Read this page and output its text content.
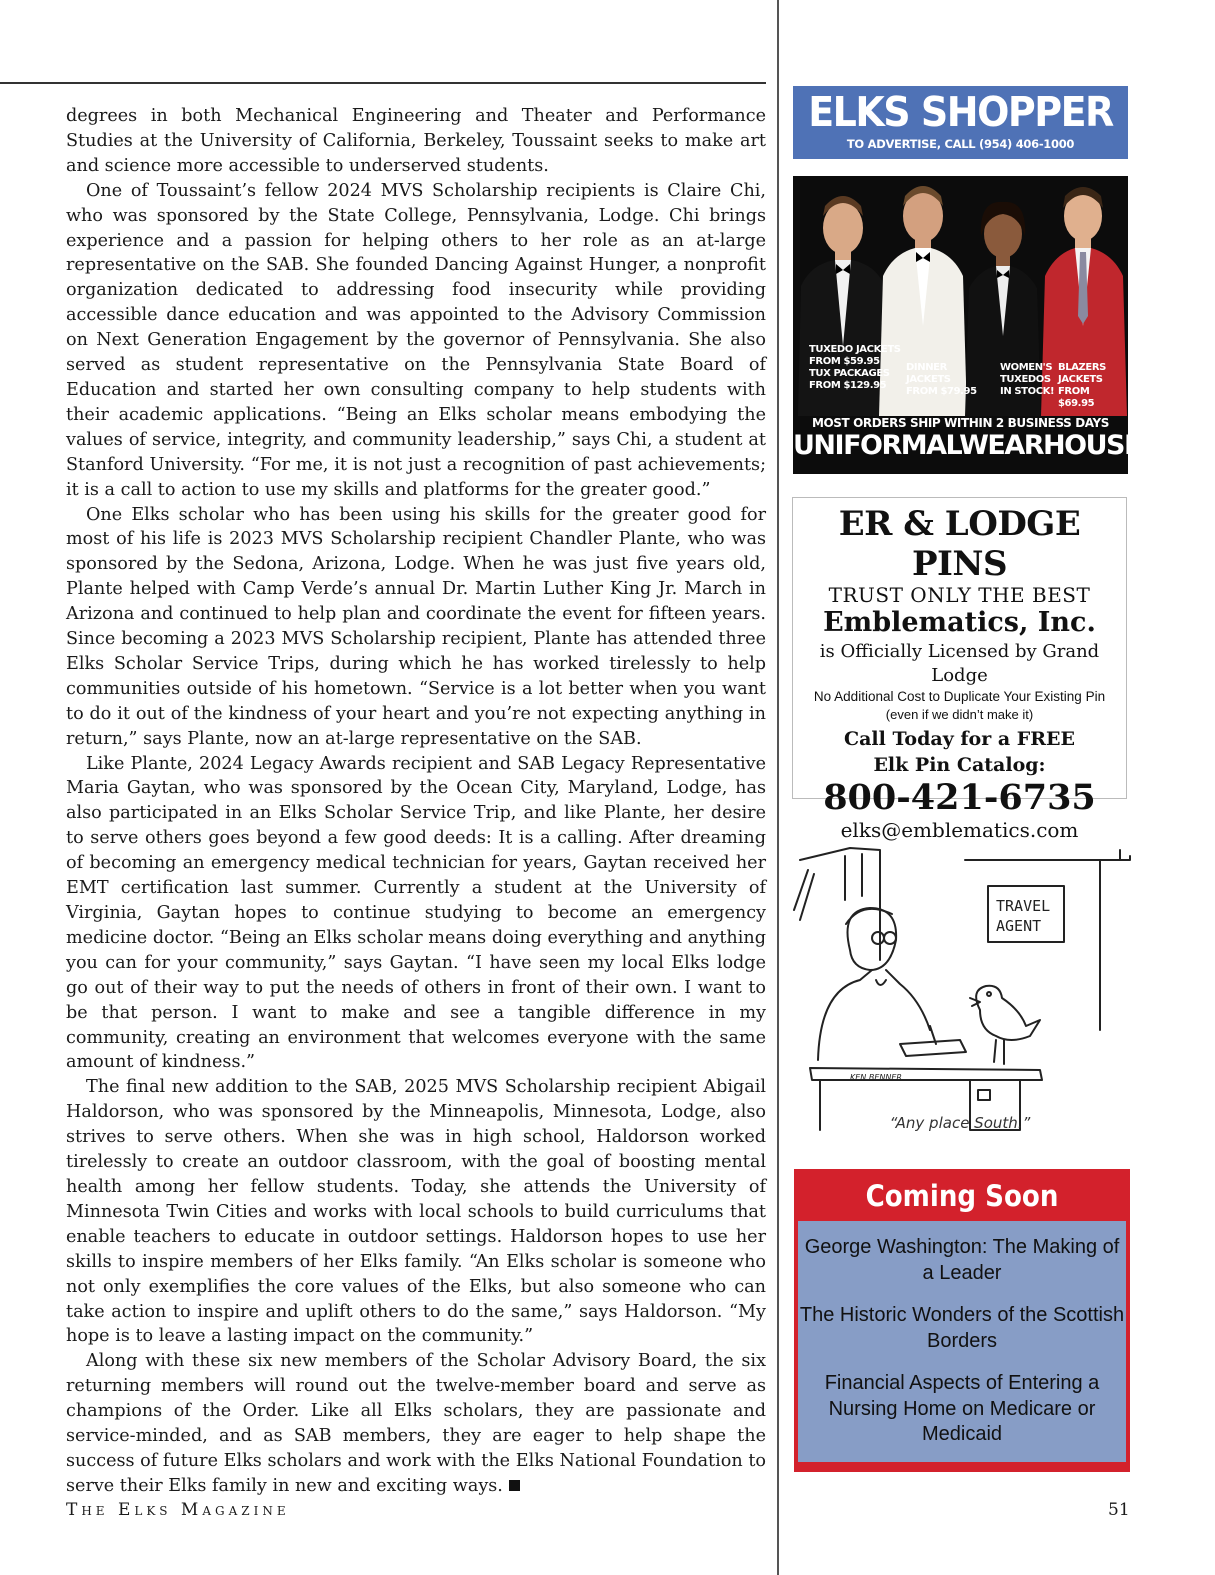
degrees in both Mechanical Engineering and Theater and Performance Studies at the University of California, Berkeley, Toussaint seeks to make art and science more accessible to underserved students.

One of Toussaint’s fellow 2024 MVS Scholarship recipients is Claire Chi, who was sponsored by the State College, Pennsylvania, Lodge. Chi brings experience and a passion for helping others to her role as an at-large representative on the SAB. She founded Dancing Against Hunger, a nonprofit organization dedicated to addressing food insecurity while providing accessible dance education and was appointed to the Advisory Commission on Next Generation Engagement by the governor of Pennsylvania. She also served as student representative on the Pennsylvania State Board of Education and started her own consulting company to help students with their academic applications. “Being an Elks scholar means embodying the values of service, integrity, and community leadership,” says Chi, a student at Stanford University. “For me, it is not just a recognition of past achievements; it is a call to action to use my skills and platforms for the greater good.”

One Elks scholar who has been using his skills for the greater good for most of his life is 2023 MVS Scholarship recipient Chandler Plante, who was sponsored by the Sedona, Arizona, Lodge. When he was just five years old, Plante helped with Camp Verde’s annual Dr. Martin Luther King Jr. March in Arizona and continued to help plan and coordinate the event for fifteen years. Since becoming a 2023 MVS Scholarship recipient, Plante has attended three Elks Scholar Service Trips, during which he has worked tirelessly to help communities outside of his hometown. “Service is a lot better when you want to do it out of the kindness of your heart and you’re not expecting anything in return,” says Plante, now an at-large representative on the SAB.

Like Plante, 2024 Legacy Awards recipient and SAB Legacy Representative Maria Gaytan, who was sponsored by the Ocean City, Maryland, Lodge, has also participated in an Elks Scholar Service Trip, and like Plante, her desire to serve others goes beyond a few good deeds: It is a calling. After dreaming of becoming an emergency medical technician for years, Gaytan received her EMT certification last summer. Currently a student at the University of Virginia, Gaytan hopes to continue studying to become an emergency medicine doctor. “Being an Elks scholar means doing everything and anything you can for your community,” says Gaytan. “I have seen my local Elks lodge go out of their way to put the needs of others in front of their own. I want to be that person. I want to make and see a tangible difference in my community, creating an environment that welcomes everyone with the same amount of kindness.”

The final new addition to the SAB, 2025 MVS Scholarship recipient Abigail Haldorson, who was sponsored by the Minneapolis, Minnesota, Lodge, also strives to serve others. When she was in high school, Haldorson worked tirelessly to create an outdoor classroom, with the goal of boosting mental health among her fellow students. Today, she attends the University of Minnesota Twin Cities and works with local schools to build curriculums that enable teachers to educate in outdoor settings. Haldorson hopes to use her skills to inspire members of her Elks family. “An Elks scholar is someone who not only exemplifies the core values of the Elks, but also someone who can take action to inspire and uplift others to do the same,” says Haldorson. “My hope is to leave a lasting impact on the community.”

Along with these six new members of the Scholar Advisory Board, the six returning members will round out the twelve-member board and serve as champions of the Order. Like all Elks scholars, they are passionate and service-minded, and as SAB members, they are eager to help shape the success of future Elks scholars and work with the Elks National Foundation to serve their Elks family in new and exciting ways.

The Elks Magazine	51
ELKS SHOPPER
TO ADVERTISE, CALL (954) 406-1000
TUXEDO JACKETS
FROM $59.95
TUX PACKAGES
FROM $129.95
DINNER
JACKETS
FROM $79.95
WOMEN'S
TUXEDOS
IN STOCK!
BLAZERS
JACKETS
FROM $69.95
MOST ORDERS SHIP WITHIN 2 BUSINESS DAYS
UNIFORMALWEARHOUSE.COM
ER & LODGE PINS
TRUST ONLY THE BEST
Emblematics, Inc.
is Officially Licensed by Grand Lodge
No Additional Cost to Duplicate Your Existing Pin
(even if we didn’t make it)
Call Today for a FREE
Elk Pin Catalog:
800-421-6735
elks@emblematics.com
TRAVEL
AGENT
KEN BENNER
“Any place South.”
Coming Soon
George Washington: The Making of a Leader
The Historic Wonders of the Scottish Borders
Financial Aspects of Entering a Nursing Home on Medicare or Medicaid
